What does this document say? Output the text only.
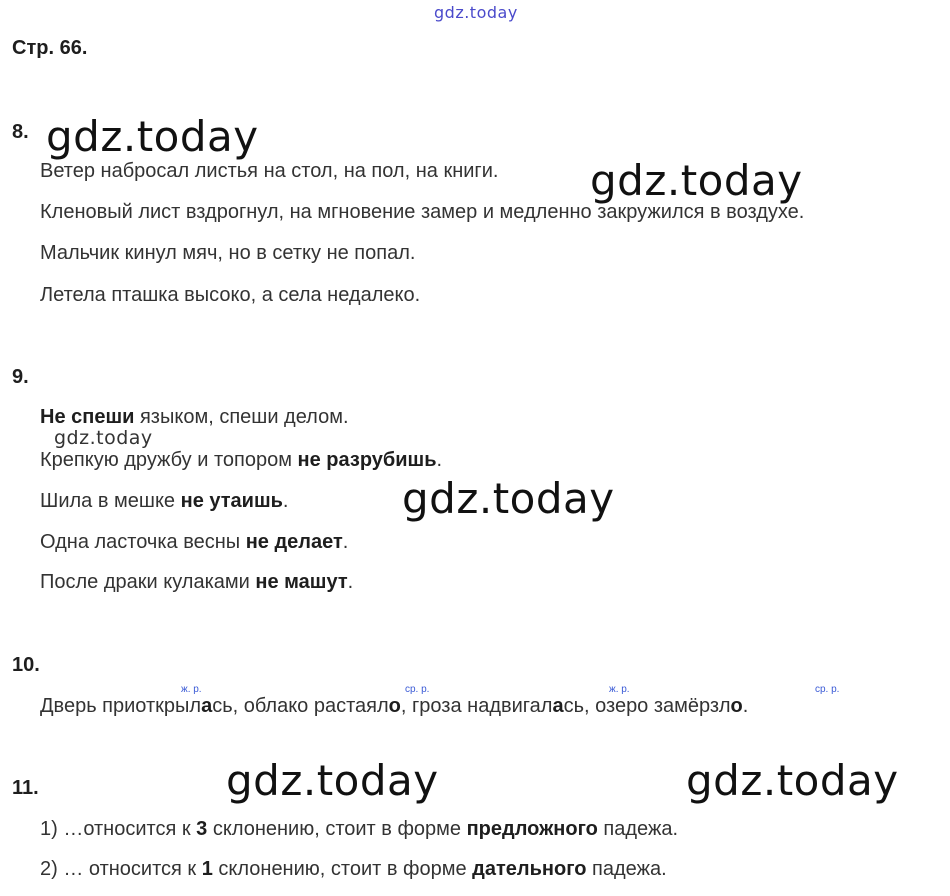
gdz.today
Стр. 66.
8. gdz.today
Ветер набросал листья на стол, на пол, на книги. gdz.today
Кленовый лист вздрогнул, на мгновение замер и медленно закружился в воздухе.
Мальчик кинул мяч, но в сетку не попал.
Летела пташка высоко, а села недалеко.
9.
Не спеши языком, спеши делом.
gdz.today
Крепкую дружбу и топором не разрубишь.
Шила в мешке не утаишь.	gdz.today
Одна ласточка весны не делает.
После драки кулаками не машут.
10.
ж. р.	ср. р.	ж. р.	ср. р.
Дверь приоткрылась, облако растаяло, гроза надвигалась, озеро замёрзло.
11.	gdz.today	gdz.today
1) …относится к 3 склонению, стоит в форме предложного падежа.
2) … относится к 1 склонению, стоит в форме дательного падежа.
